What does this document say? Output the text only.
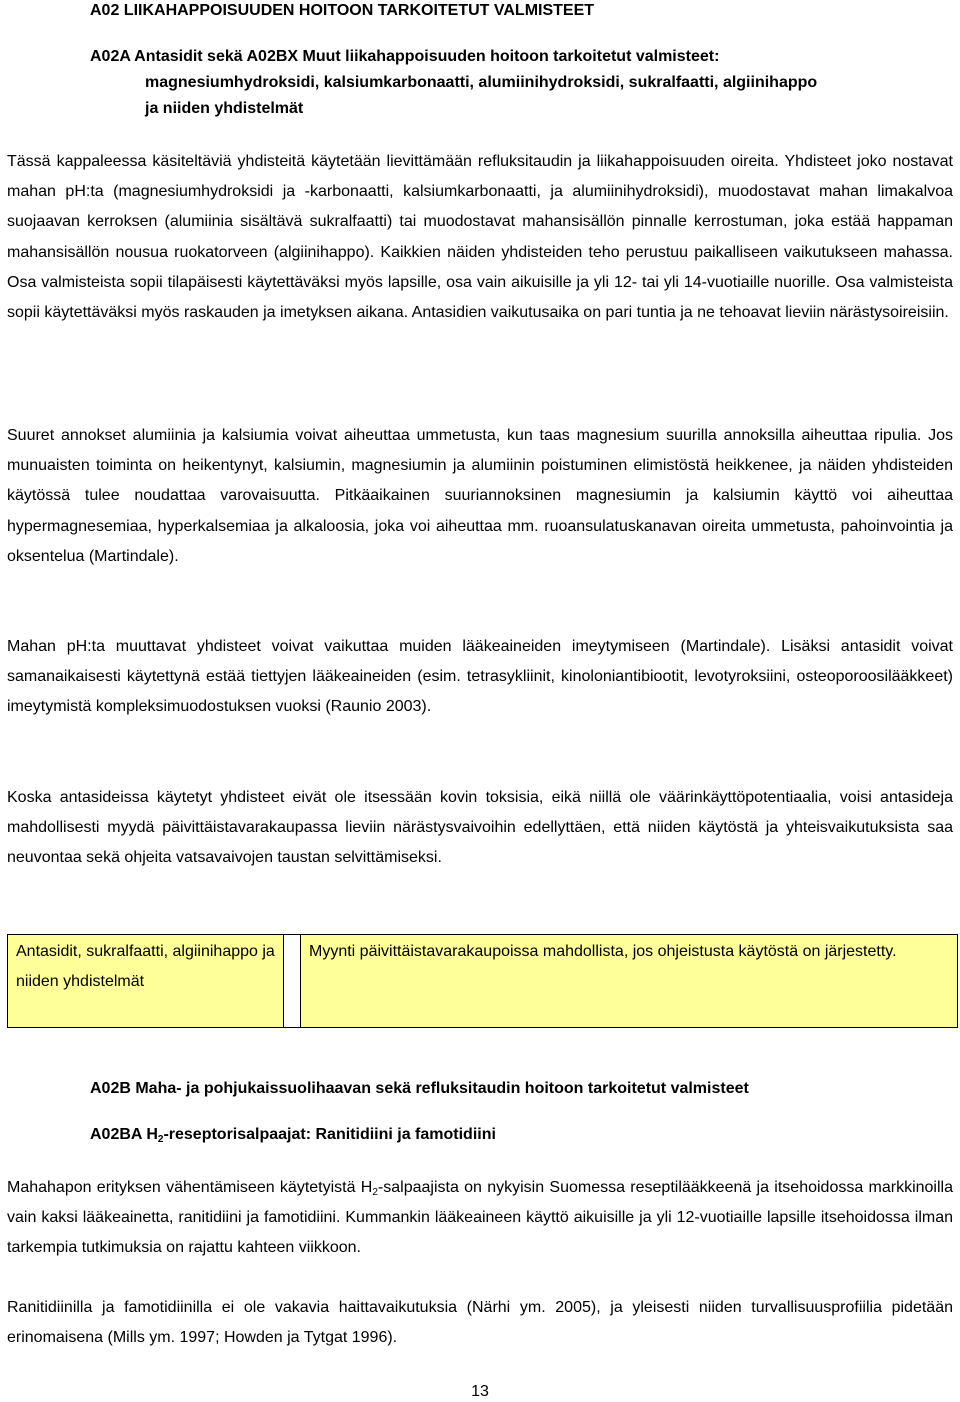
A02 LIIKAHAPPOISUUDEN HOITOON TARKOITETUT VALMISTEET
A02A Antasidit sekä A02BX Muut liikahappoisuuden hoitoon tarkoitetut valmisteet:
magnesiumhydroksidi, kalsiumkarbonaatti, alumiinihydroksidi, sukralfaatti, algiinihappo
ja niiden yhdistelmät

Tässä kappaleessa käsiteltäviä yhdisteitä käytetään lievittämään refluksitaudin ja liikahappoisuuden oireita. Yhdisteet joko nostavat mahan pH:ta (magnesiumhydroksidi ja -karbonaatti, kalsiumkarbonaatti, ja alumiinihydroksidi), muodostavat mahan limakalvoa suojaavan kerroksen (alumiinia sisältävä sukralfaatti) tai muodostavat mahansisällön pinnalle kerrostuman, joka estää happaman mahansisällön nousua ruokatorveen (algiinihappo). Kaikkien näiden yhdisteiden teho perustuu paikalliseen vaikutukseen mahassa. Osa valmisteista sopii tilapäisesti käytettäväksi myös lapsille, osa vain aikuisille ja yli 12- tai yli 14-vuotiaille nuorille. Osa valmisteista sopii käytettäväksi myös raskauden ja imetyksen aikana. Antasidien vaikutusaika on pari tuntia ja ne tehoavat lieviin närästysoireisiin.

Suuret annokset alumiinia ja kalsiumia voivat aiheuttaa ummetusta, kun taas magnesium suurilla annoksilla aiheuttaa ripulia. Jos munuaisten toiminta on heikentynyt, kalsiumin, magnesiumin ja alumiinin poistuminen elimistöstä heikkenee, ja näiden yhdisteiden käytössä tulee noudattaa varovaisuutta. Pitkäaikainen suuriannoksinen magnesiumin ja kalsiumin käyttö voi aiheuttaa hypermagnesemiaa, hyperkalsemiaa ja alkaloosia, joka voi aiheuttaa mm. ruoansulatuskanavan oireita ummetusta, pahoinvointia ja oksentelua (Martindale).

Mahan pH:ta muuttavat yhdisteet voivat vaikuttaa muiden lääkeaineiden imeytymiseen (Martindale). Lisäksi antasidit voivat samanaikaisesti käytettynä estää tiettyjen lääkeaineiden (esim. tetrasykliinit, kinoloniantibiootit, levotyroksiini, osteoporoosilääkkeet) imeytymistä kompleksimuodostuksen vuoksi (Raunio 2003).

Koska antasideissa käytetyt yhdisteet eivät ole itsessään kovin toksisia, eikä niillä ole väärinkäyttöpotentiaalia, voisi antasideja mahdollisesti myydä päivittäistavarakaupassa lieviin närästysvaivoihin edellyttäen, että niiden käytöstä ja yhteisvaikutuksista saa neuvontaa sekä ohjeita vatsavaivojen taustan selvittämiseksi.

Antasidit, sukralfaatti, algiinihappo ja niiden yhdistelmät
Myynti päivittäistavarakaupoissa mahdollista, jos ohjeistusta käytöstä on järjestetty.
A02B Maha- ja pohjukaissuolihaavan sekä refluksitaudin hoitoon tarkoitetut valmisteet
A02BA $H_2$-reseptorisalpaajat: Ranitidiini ja famotidiini

Mahahapon erityksen vähentämiseen käytetyistä $H_2$-salpaajista on nykyisin Suomessa reseptilääkkeenä ja itsehoidossa markkinoilla vain kaksi lääkeainetta, ranitidiini ja famotidiini. Kummankin lääkeaineen käyttö aikuisille ja yli 12-vuotiaille lapsille itsehoidossa ilman tarkempia tutkimuksia on rajattu kahteen viikkoon.

Ranitidiinilla ja famotidiinilla ei ole vakavia haittavaikutuksia (Närhi ym. 2005), ja yleisesti niiden turvallisuusprofiilia pidetään erinomaisena (Mills ym. 1997; Howden ja Tytgat 1996).

13
